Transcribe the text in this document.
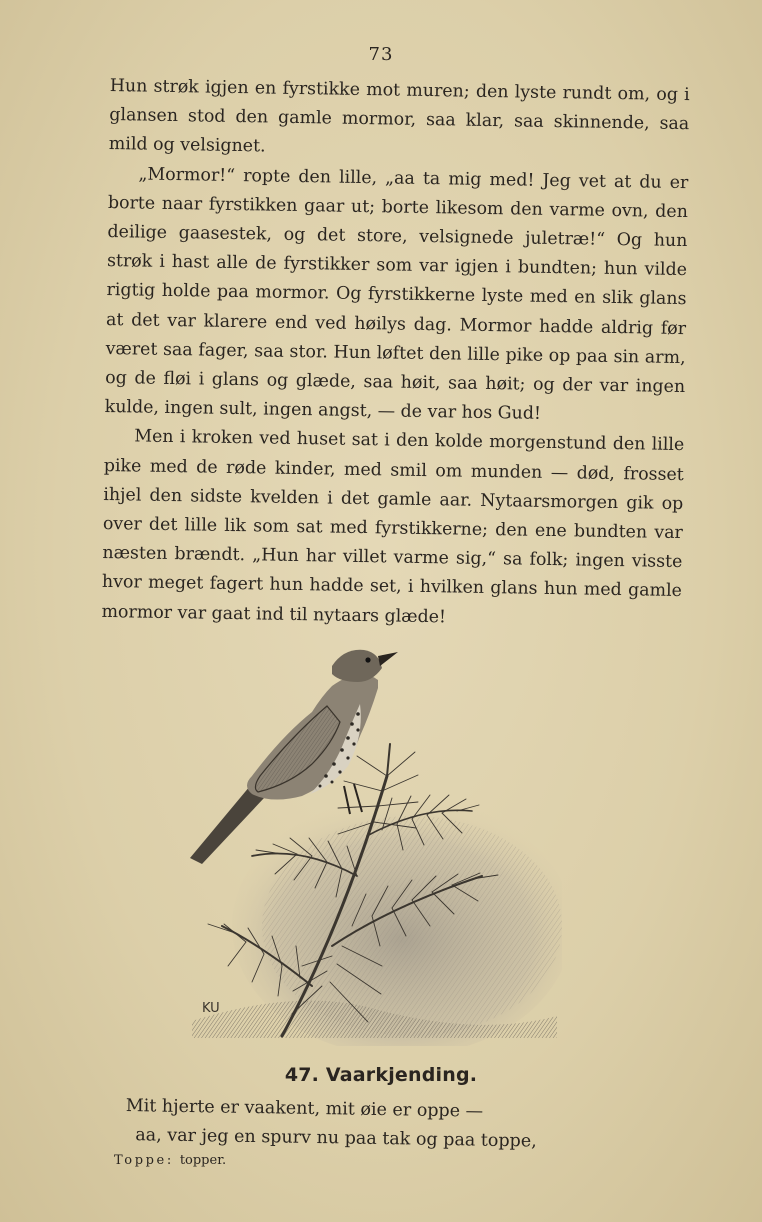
73

Hun strøk igjen en fyrstikke mot muren; den lyste rundt om, og i glansen stod den gamle mormor, saa klar, saa skinnende, saa mild og velsignet.

„Mormor!“ ropte den lille, „aa ta mig med! Jeg vet at du er borte naar fyrstikken gaar ut; borte likesom den varme ovn, den deilige gaasestek, og det store, velsignede juletræ!“ Og hun strøk i hast alle de fyrstikker som var igjen i bundten; hun vilde rigtig holde paa mormor. Og fyrstikkerne lyste med en slik glans at det var klarere end ved høilys dag. Mormor hadde aldrig før været saa fager, saa stor. Hun løftet den lille pike op paa sin arm, og de fløi i glans og glæde, saa høit, saa høit; og der var ingen kulde, ingen sult, ingen angst, — de var hos Gud!

Men i kroken ved huset sat i den kolde morgenstund den lille pike med de røde kinder, med smil om munden — død, frosset ihjel den sidste kvelden i det gamle aar. Nytaarsmorgen gik op over det lille lik som sat med fyrstikkerne; den ene bundten var næsten brændt. „Hun har villet varme sig,“ sa folk; ingen visste hvor meget fagert hun hadde set, i hvilken glans hun med gamle mormor var gaat ind til nytaars glæde!

KU
47. Vaarkjending.
Mit hjerte er vaakent, mit øie er oppe —
aa, var jeg en spurv nu paa tak og paa toppe,
Toppe: topper.
